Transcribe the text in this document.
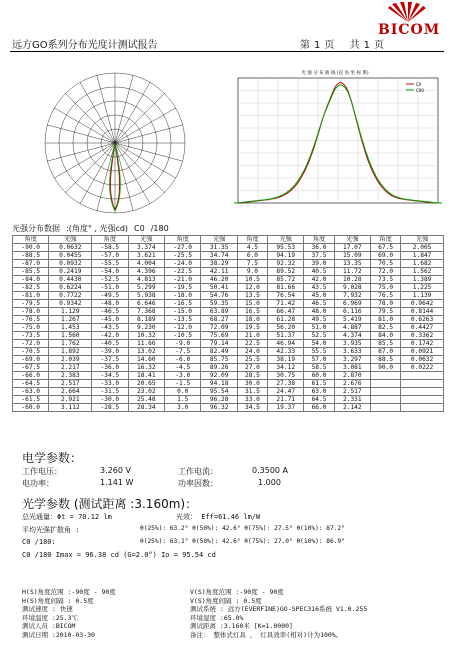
BICOM
远方GO系列分布光度计测试报告	第 1 页 共 1 页
光 强 分 布 曲 线 (直 角 坐 标 系)
C0
C90
光强分布数据 :(角度° , 光强cd) C0 /180
角度	光强	角度	光强	角度	光强	角度	光强	角度	光强	角度	光强
-90.0	0.0632	-58.5	3.374	-27.0	31.35	4.5	95.53	36.0	17.07	67.5	2.005
-88.5	0.0455	-57.0	3.621	-25.5	34.74	6.0	94.19	37.5	15.09	69.0	1.847
-87.0	0.0932	-55.5	4.004	-24.0	38.29	7.5	92.32	39.0	13.35	70.5	1.682
-85.5	0.2419	-54.0	4.396	-22.5	42.11	9.0	89.52	40.5	11.72	72.0	1.562
-84.0	0.4430	-52.5	4.813	-21.0	46.20	10.5	85.72	42.0	10.28	73.5	1.389
-82.5	0.6224	-51.0	5.299	-19.5	50.41	12.0	81.66	43.5	9.028	75.0	1.225
-81.0	0.7722	-49.5	5.938	-18.0	54.76	13.5	76.54	45.0	7.932	76.5	1.139
-79.5	0.9342	-48.0	6.646	-16.5	59.35	15.0	71.42	46.5	6.969	78.0	0.9642
-78.0	1.129	-46.5	7.368	-15.0	63.89	16.5	66.47	48.0	6.116	79.5	0.8144
-76.5	1.267	-45.0	8.189	-13.5	68.27	18.0	61.28	49.5	5.419	81.0	0.6263
-75.0	1.453	-43.5	9.230	-12.0	72.09	19.5	56.20	51.0	4.887	82.5	0.4427
-73.5	1.560	-42.0	10.32	-10.5	75.69	21.0	51.37	52.5	4.374	84.0	0.3362
-72.0	1.762	-40.5	11.66	-9.0	79.14	22.5	46.94	54.0	3.935	85.5	0.1742
-70.5	1.892	-39.0	13.02	-7.5	82.49	24.0	42.33	55.5	3.633	87.0	0.0921
-69.0	2.039	-37.5	14.60	-6.0	85.75	25.5	38.19	57.0	3.297	88.5	0.0632
-67.5	2.217	-36.0	16.32	-4.5	89.26	27.0	34.12	58.5	3.081	90.0	0.0222
-66.0	2.383	-34.5	18.41	-3.0	92.09	28.5	30.75	60.0	2.870		
-64.5	2.517	-33.0	20.65	-1.5	94.18	30.0	27.38	61.5	2.676		
-63.0	2.664	-31.5	23.02	0.0	95.54	31.5	24.47	63.0	2.517		
-61.5	2.921	-30.0	25.48	1.5	96.28	33.0	21.71	64.5	2.331		
-60.0	3.112	-28.5	28.34	3.0	96.32	34.5	19.37	66.0	2.142		
电学参数：
工作电压：	3.260 V	工作电流：	0.3500 A
电功率：	1.141 W	功率因数：	1.000
光学参数 (测试距离 :3.160m)：
总光通量：Φt = 70.12 lm	光效： Eff=61.46 lm/W
平均光强扩散角 :	θ(25%): 63.2° θ(50%): 42.6° θ(75%): 27.5° θ(10%): 87.2°
C0 /180:	θ(25%): 63.1° θ(50%): 42.6° θ(75%): 27.0° θ(10%): 86.9°
C0 /180 Imax = 96.38 cd (G=2.0°) Io = 95.54 cd
H(S)角度范围 :-90度 - 90度
H(S)角度间隔 : 0.5度
测试速度 : 快速
环境温度 :25.3℃
测试人员 :BICOM
测试日期 :2010-03-30
V(S)角度范围 :-90度 - 90度
V(S)角度间隔 : 0.5度
测试系统 : 远方(EVERFINE)GO-SPEC316系统 V1.0.255
环境湿度 :65.0%
测试距离 :3.160米 [K=1.0000]
备注： 整体式灯具 ， 灯具效率(相对)计为100%。
